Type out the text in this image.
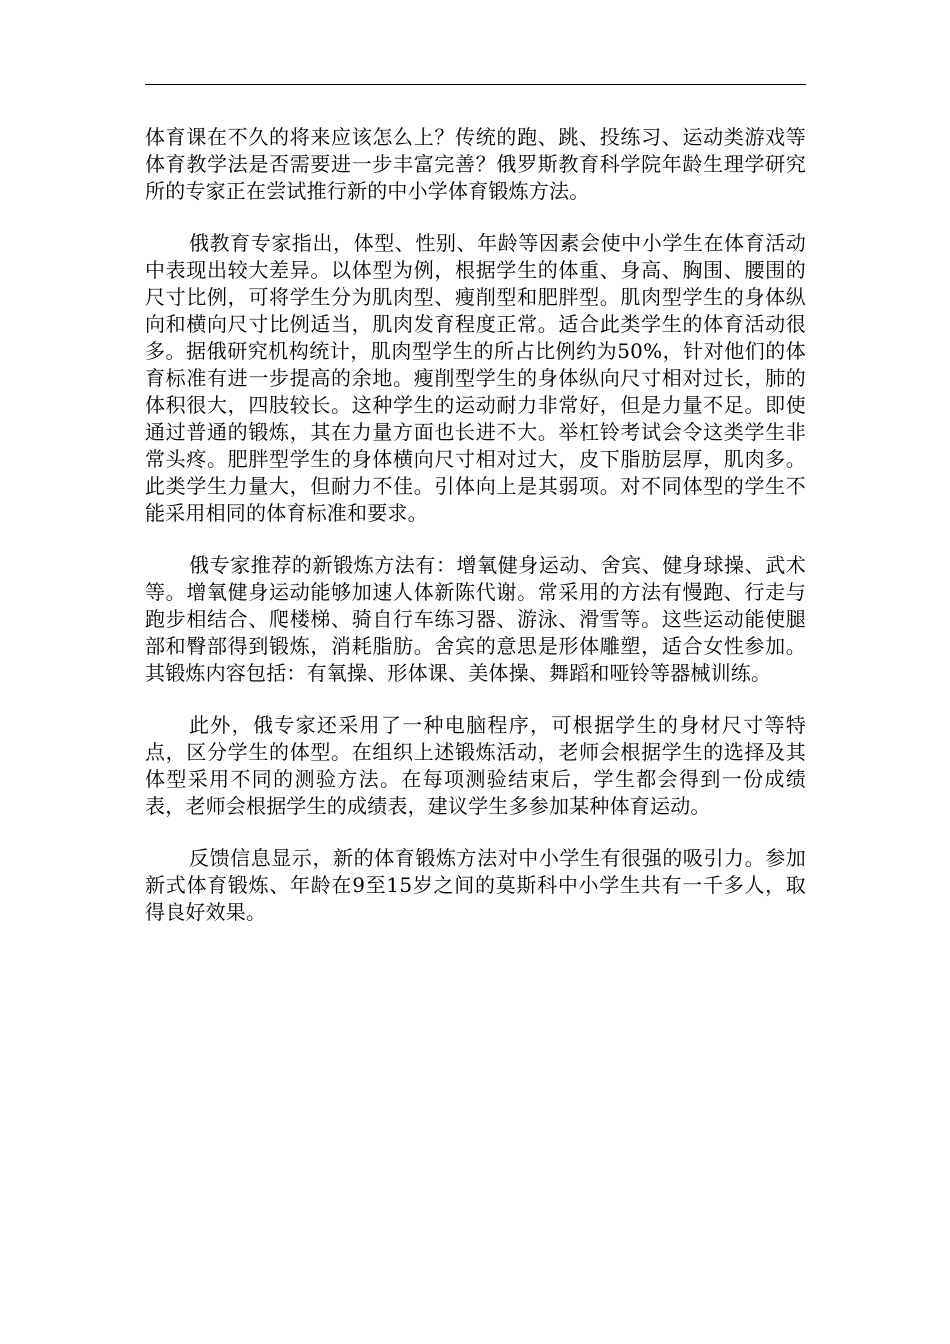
体育课在不久的将来应该怎么上？传统的跑、跳、投练习、运动类游戏等体育教学法是否需要进一步丰富完善？俄罗斯教育科学院年龄生理学研究所的专家正在尝试推行新的中小学体育锻炼方法。

俄教育专家指出，体型、性别、年龄等因素会使中小学生在体育活动中表现出较大差异。以体型为例，根据学生的体重、身高、胸围、腰围的尺寸比例，可将学生分为肌肉型、瘦削型和肥胖型。肌肉型学生的身体纵向和横向尺寸比例适当，肌肉发育程度正常。适合此类学生的体育活动很多。据俄研究机构统计，肌肉型学生的所占比例约为50%，针对他们的体育标准有进一步提高的余地。瘦削型学生的身体纵向尺寸相对过长，肺的体积很大，四肢较长。这种学生的运动耐力非常好，但是力量不足。即使通过普通的锻炼，其在力量方面也长进不大。举杠铃考试会令这类学生非常头疼。肥胖型学生的身体横向尺寸相对过大，皮下脂肪层厚，肌肉多。此类学生力量大，但耐力不佳。引体向上是其弱项。对不同体型的学生不能采用相同的体育标准和要求。

俄专家推荐的新锻炼方法有：增氧健身运动、舍宾、健身球操、武术等。增氧健身运动能够加速人体新陈代谢。常采用的方法有慢跑、行走与跑步相结合、爬楼梯、骑自行车练习器、游泳、滑雪等。这些运动能使腿部和臀部得到锻炼，消耗脂肪。舍宾的意思是形体雕塑，适合女性参加。其锻炼内容包括：有氧操、形体课、美体操、舞蹈和哑铃等器械训练。

此外，俄专家还采用了一种电脑程序，可根据学生的身材尺寸等特点，区分学生的体型。在组织上述锻炼活动，老师会根据学生的选择及其体型采用不同的测验方法。在每项测验结束后，学生都会得到一份成绩表，老师会根据学生的成绩表，建议学生多参加某种体育运动。

反馈信息显示，新的体育锻炼方法对中小学生有很强的吸引力。参加新式体育锻炼、年龄在9至15岁之间的莫斯科中小学生共有一千多人，取得良好效果。
